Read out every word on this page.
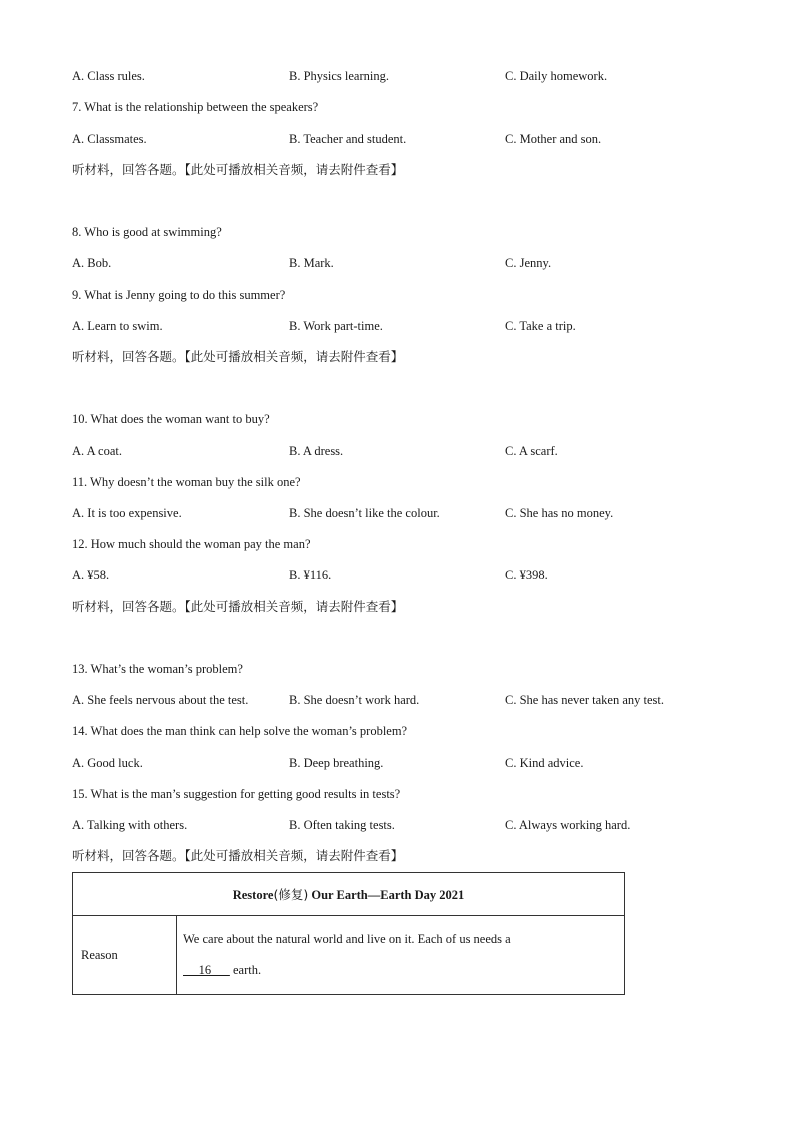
A. Class rules.	B. Physics learning.	C. Daily homework.
7. What is the relationship between the speakers?
A. Classmates.	B. Teacher and student.	C. Mother and son.
听材料，回答各题。【此处可播放相关音频，请去附件查看】
8. Who is good at swimming?
A. Bob.	B. Mark.	C. Jenny.
9. What is Jenny going to do this summer?
A. Learn to swim.	B. Work part-time.	C. Take a trip.
听材料，回答各题。【此处可播放相关音频，请去附件查看】
10. What does the woman want to buy?
A. A coat.	B. A dress.	C. A scarf.
11. Why doesn’t the woman buy the silk one?
A. It is too expensive.	B. She doesn’t like the colour.	C. She has no money.
12. How much should the woman pay the man?
A. ¥58.	B. ¥116.	C. ¥398.
听材料，回答各题。【此处可播放相关音频，请去附件查看】
13. What’s the woman’s problem?
A. She feels nervous about the test.	B. She doesn’t work hard.	C. She has never taken any test.
14. What does the man think can help solve the woman’s problem?
A. Good luck.	B. Deep breathing.	C. Kind advice.
15. What is the man’s suggestion for getting good results in tests?
A. Talking with others.	B. Often taking tests.	C. Always working hard.
听材料，回答各题。【此处可播放相关音频，请去附件查看】
Restore(修复) Our Earth—Earth Day 2021
Reason	We care about the natural world and live on it. Each of us needs a
16       earth.
